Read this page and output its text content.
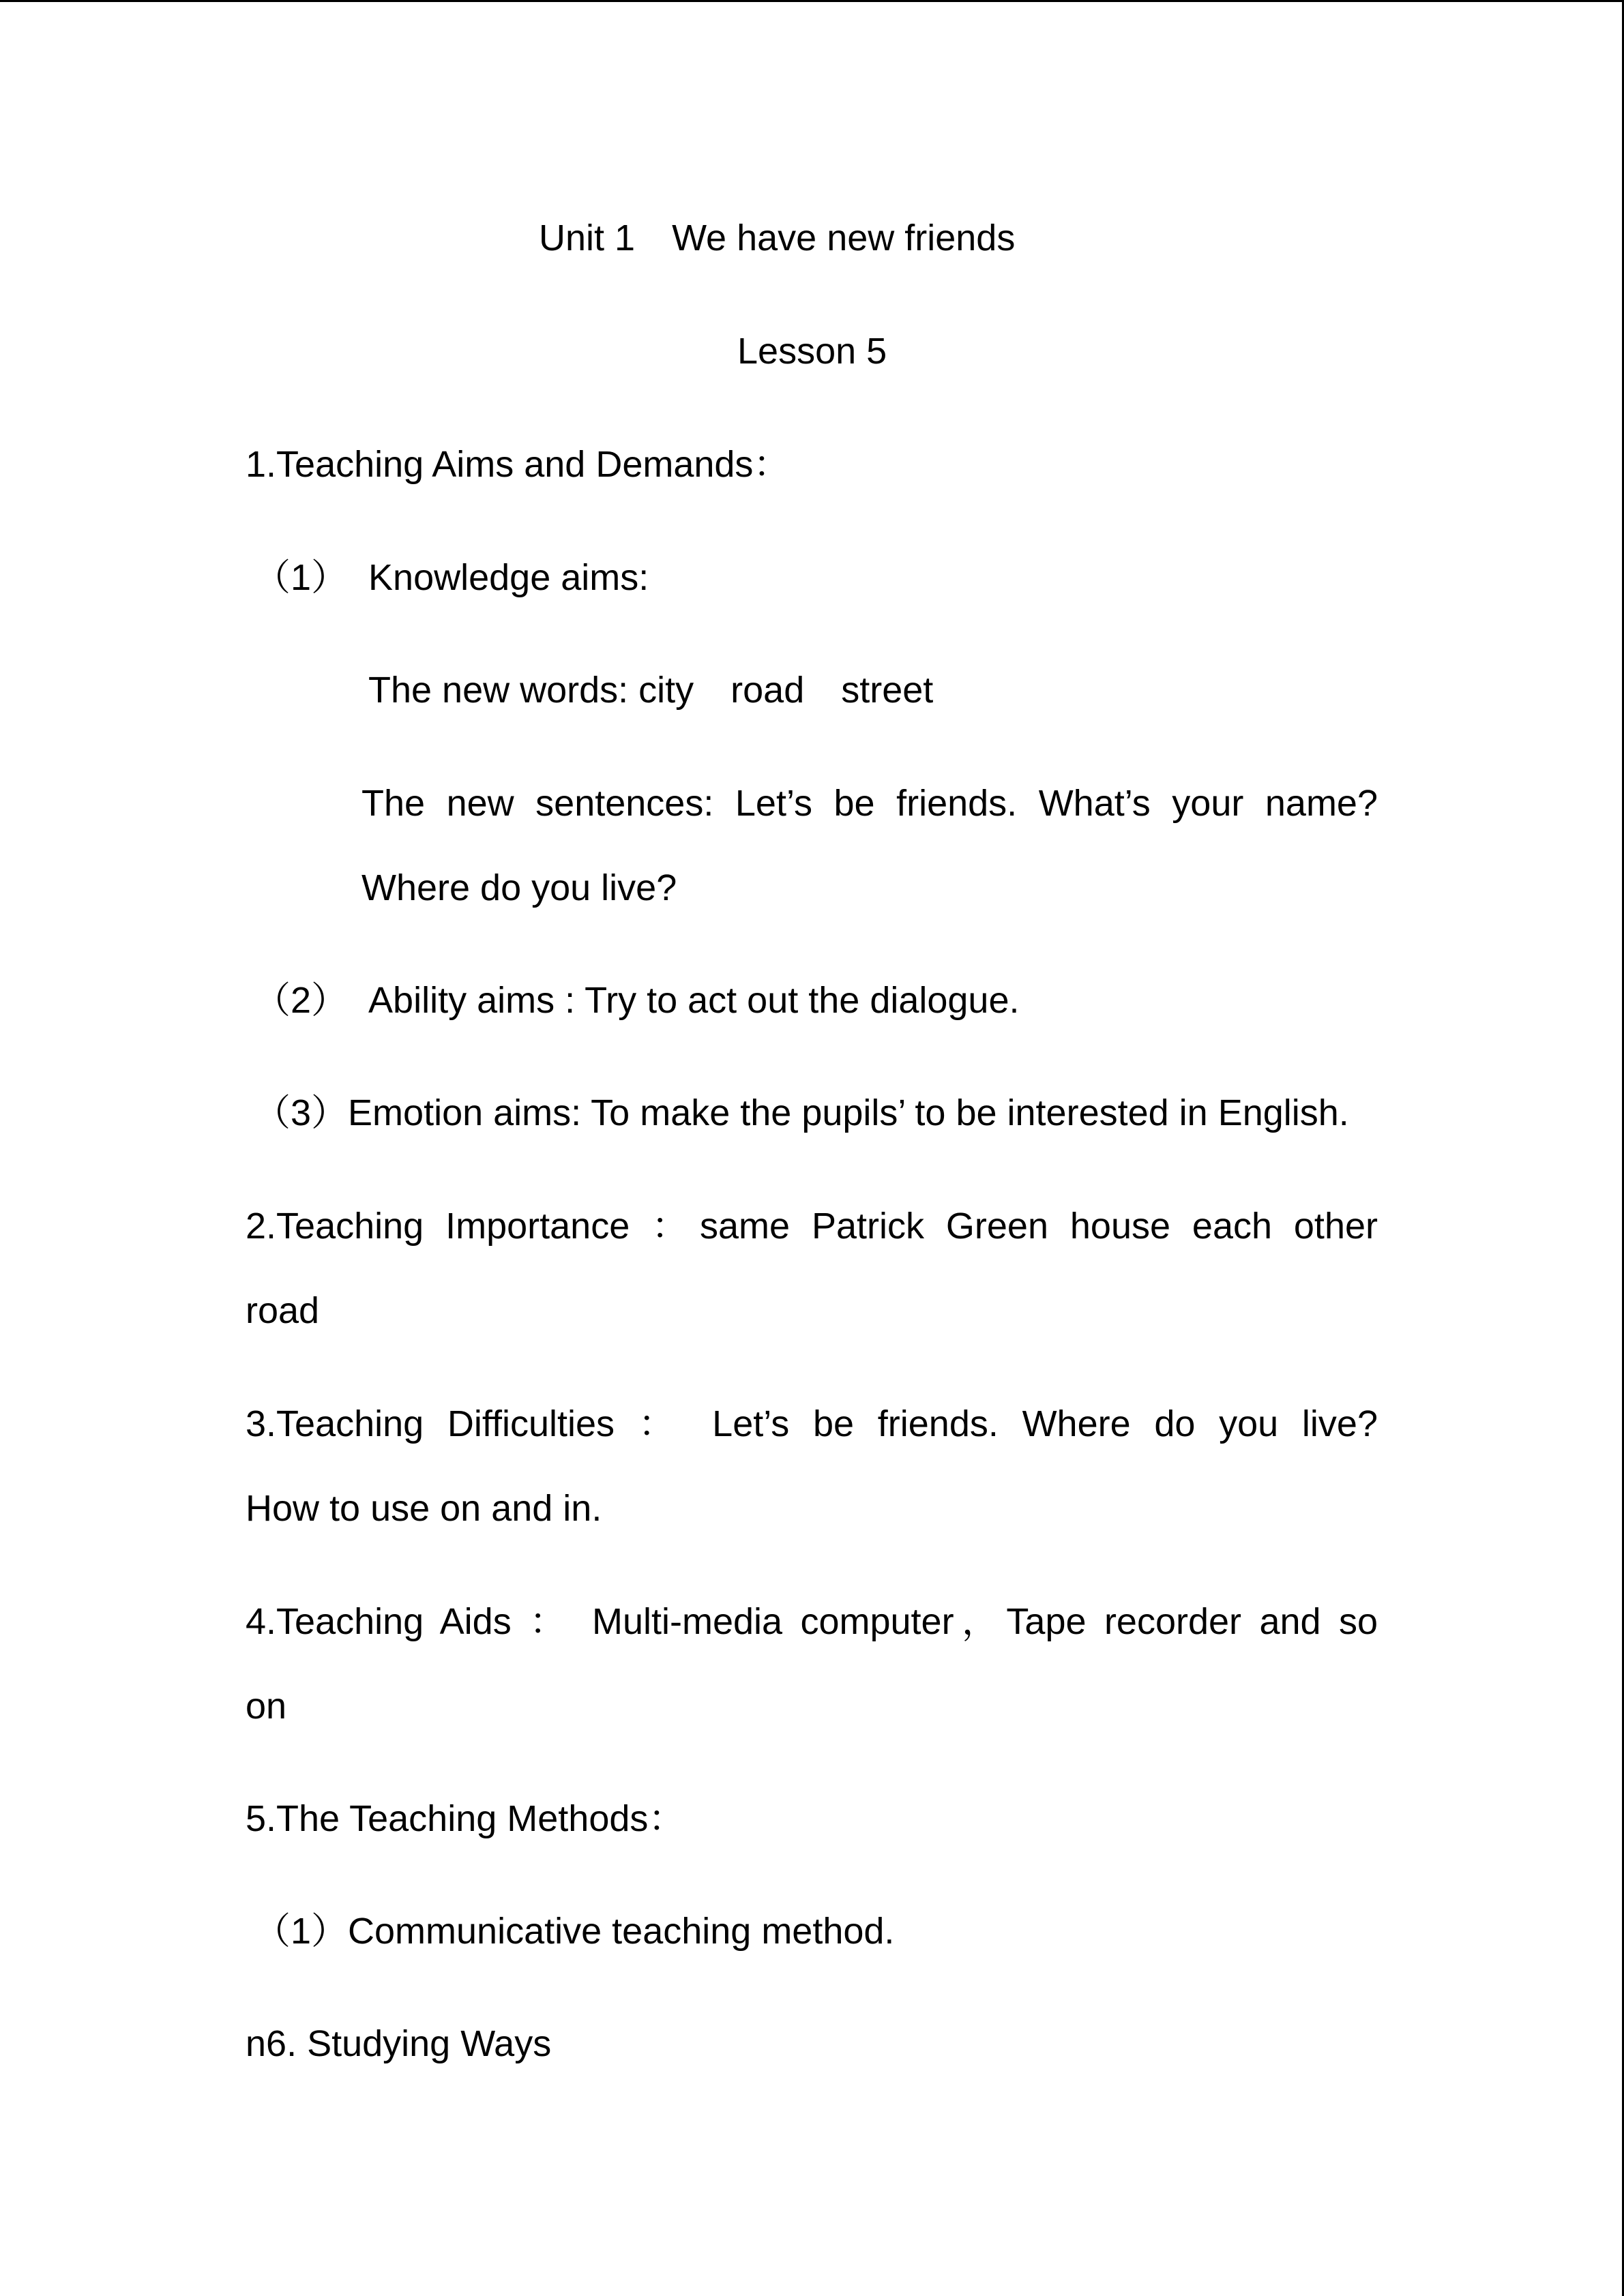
Unit 1　We have new friends
Lesson 5
1.Teaching Aims and Demands：
（1）  Knowledge aims:
The new words: city　road　street
The new sentences: Let’s be friends. What’s your name?
Where do you live?
（2）  Ability aims : Try to act out the dialogue.
（3）Emotion aims: To make the pupils’ to be interested in English.
2.Teaching Importance ：same Patrick Green house each other
road
3.Teaching Difficulties ： Let’s be friends. Where do you live?
How to use on and in.
4.Teaching Aids ： Multi-media computer，Tape recorder and so
on
5.The Teaching Methods：
（1）Communicative teaching method.
n6. Studying Ways
